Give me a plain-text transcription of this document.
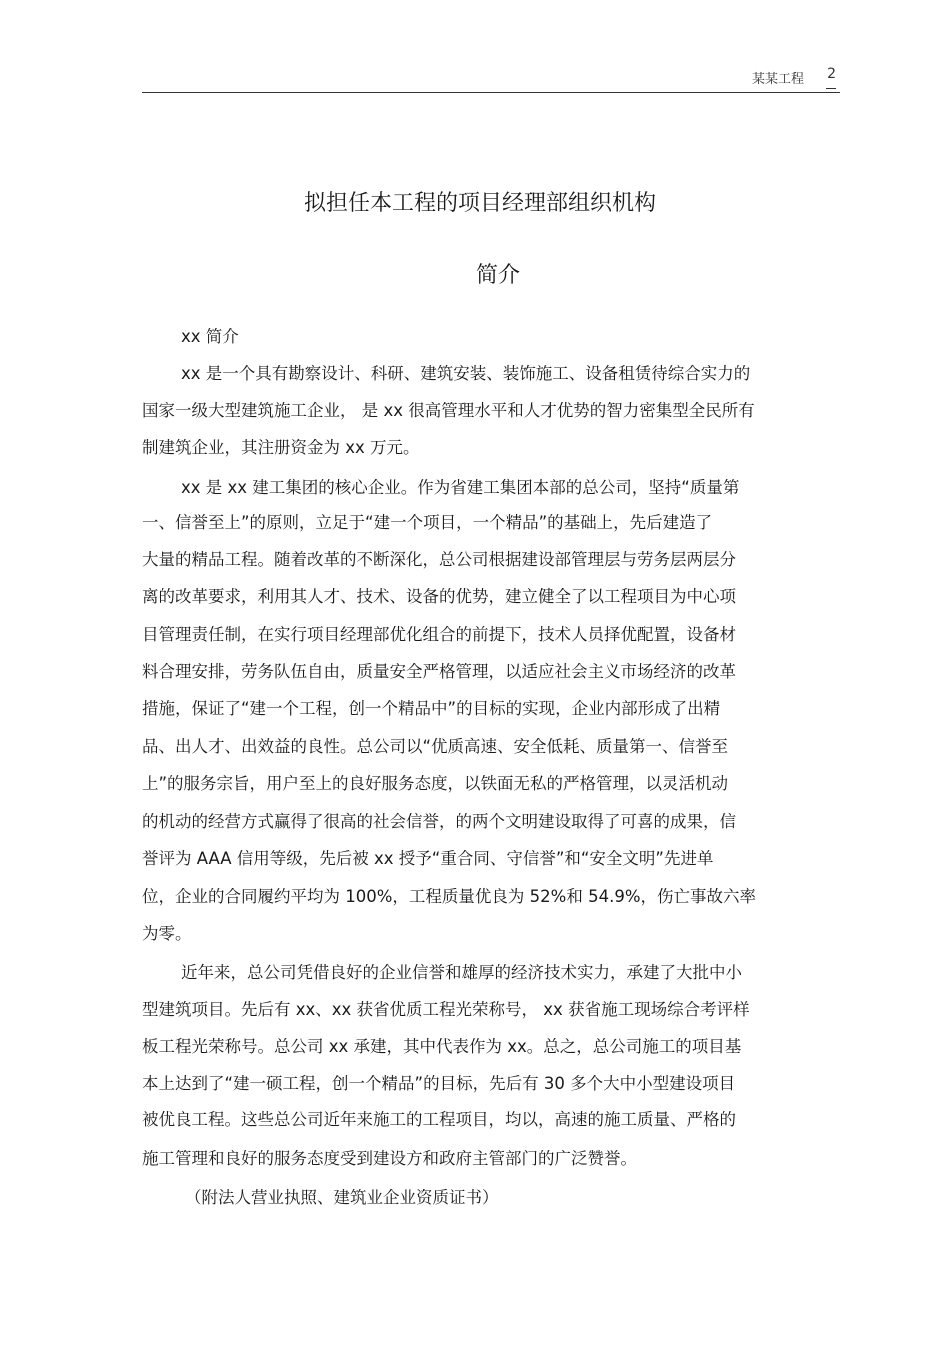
某某工程 2
拟担任本工程的项目经理部组织机构
简介
xx 简介
xx 是一个具有勘察设计、科研、建筑安装、装饰施工、设备租赁待综合实力的
国家一级大型建筑施工企业， 是 xx 很高管理水平和人才优势的智力密集型全民所有
制建筑企业，其注册资金为 xx 万元。
xx 是 xx 建工集团的核心企业。作为省建工集团本部的总公司，坚持“质量第
一、信誉至上”的原则，立足于“建一个项目，一个精品”的基础上，先后建造了
大量的精品工程。随着改革的不断深化，总公司根据建设部管理层与劳务层两层分
离的改革要求，利用其人才、技术、设备的优势，建立健全了以工程项目为中心项
目管理责任制，在实行项目经理部优化组合的前提下，技术人员择优配置，设备材
料合理安排，劳务队伍自由，质量安全严格管理，以适应社会主义市场经济的改革
措施，保证了“建一个工程，创一个精品中”的目标的实现，企业内部形成了出精
品、出人才、出效益的良性。总公司以“优质高速、安全低耗、质量第一、信誉至
上”的服务宗旨，用户至上的良好服务态度，以铁面无私的严格管理，以灵活机动
的机动的经营方式赢得了很高的社会信誉，的两个文明建设取得了可喜的成果，信
誉评为 AAA 信用等级，先后被 xx 授予“重合同、守信誉”和“安全文明”先进单
位，企业的合同履约平均为 100%，工程质量优良为 52%和 54.9%，伤亡事故六率
为零。
近年来，总公司凭借良好的企业信誉和雄厚的经济技术实力，承建了大批中小
型建筑项目。先后有 xx、xx 获省优质工程光荣称号， xx 获省施工现场综合考评样
板工程光荣称号。总公司 xx 承建，其中代表作为 xx。总之，总公司施工的项目基
本上达到了“建一硕工程，创一个精品”的目标，先后有 30 多个大中小型建设项目
被优良工程。这些总公司近年来施工的工程项目，均以，高速的施工质量、严格的
施工管理和良好的服务态度受到建设方和政府主管部门的广泛赞誉。
（附法人营业执照、建筑业企业资质证书）
